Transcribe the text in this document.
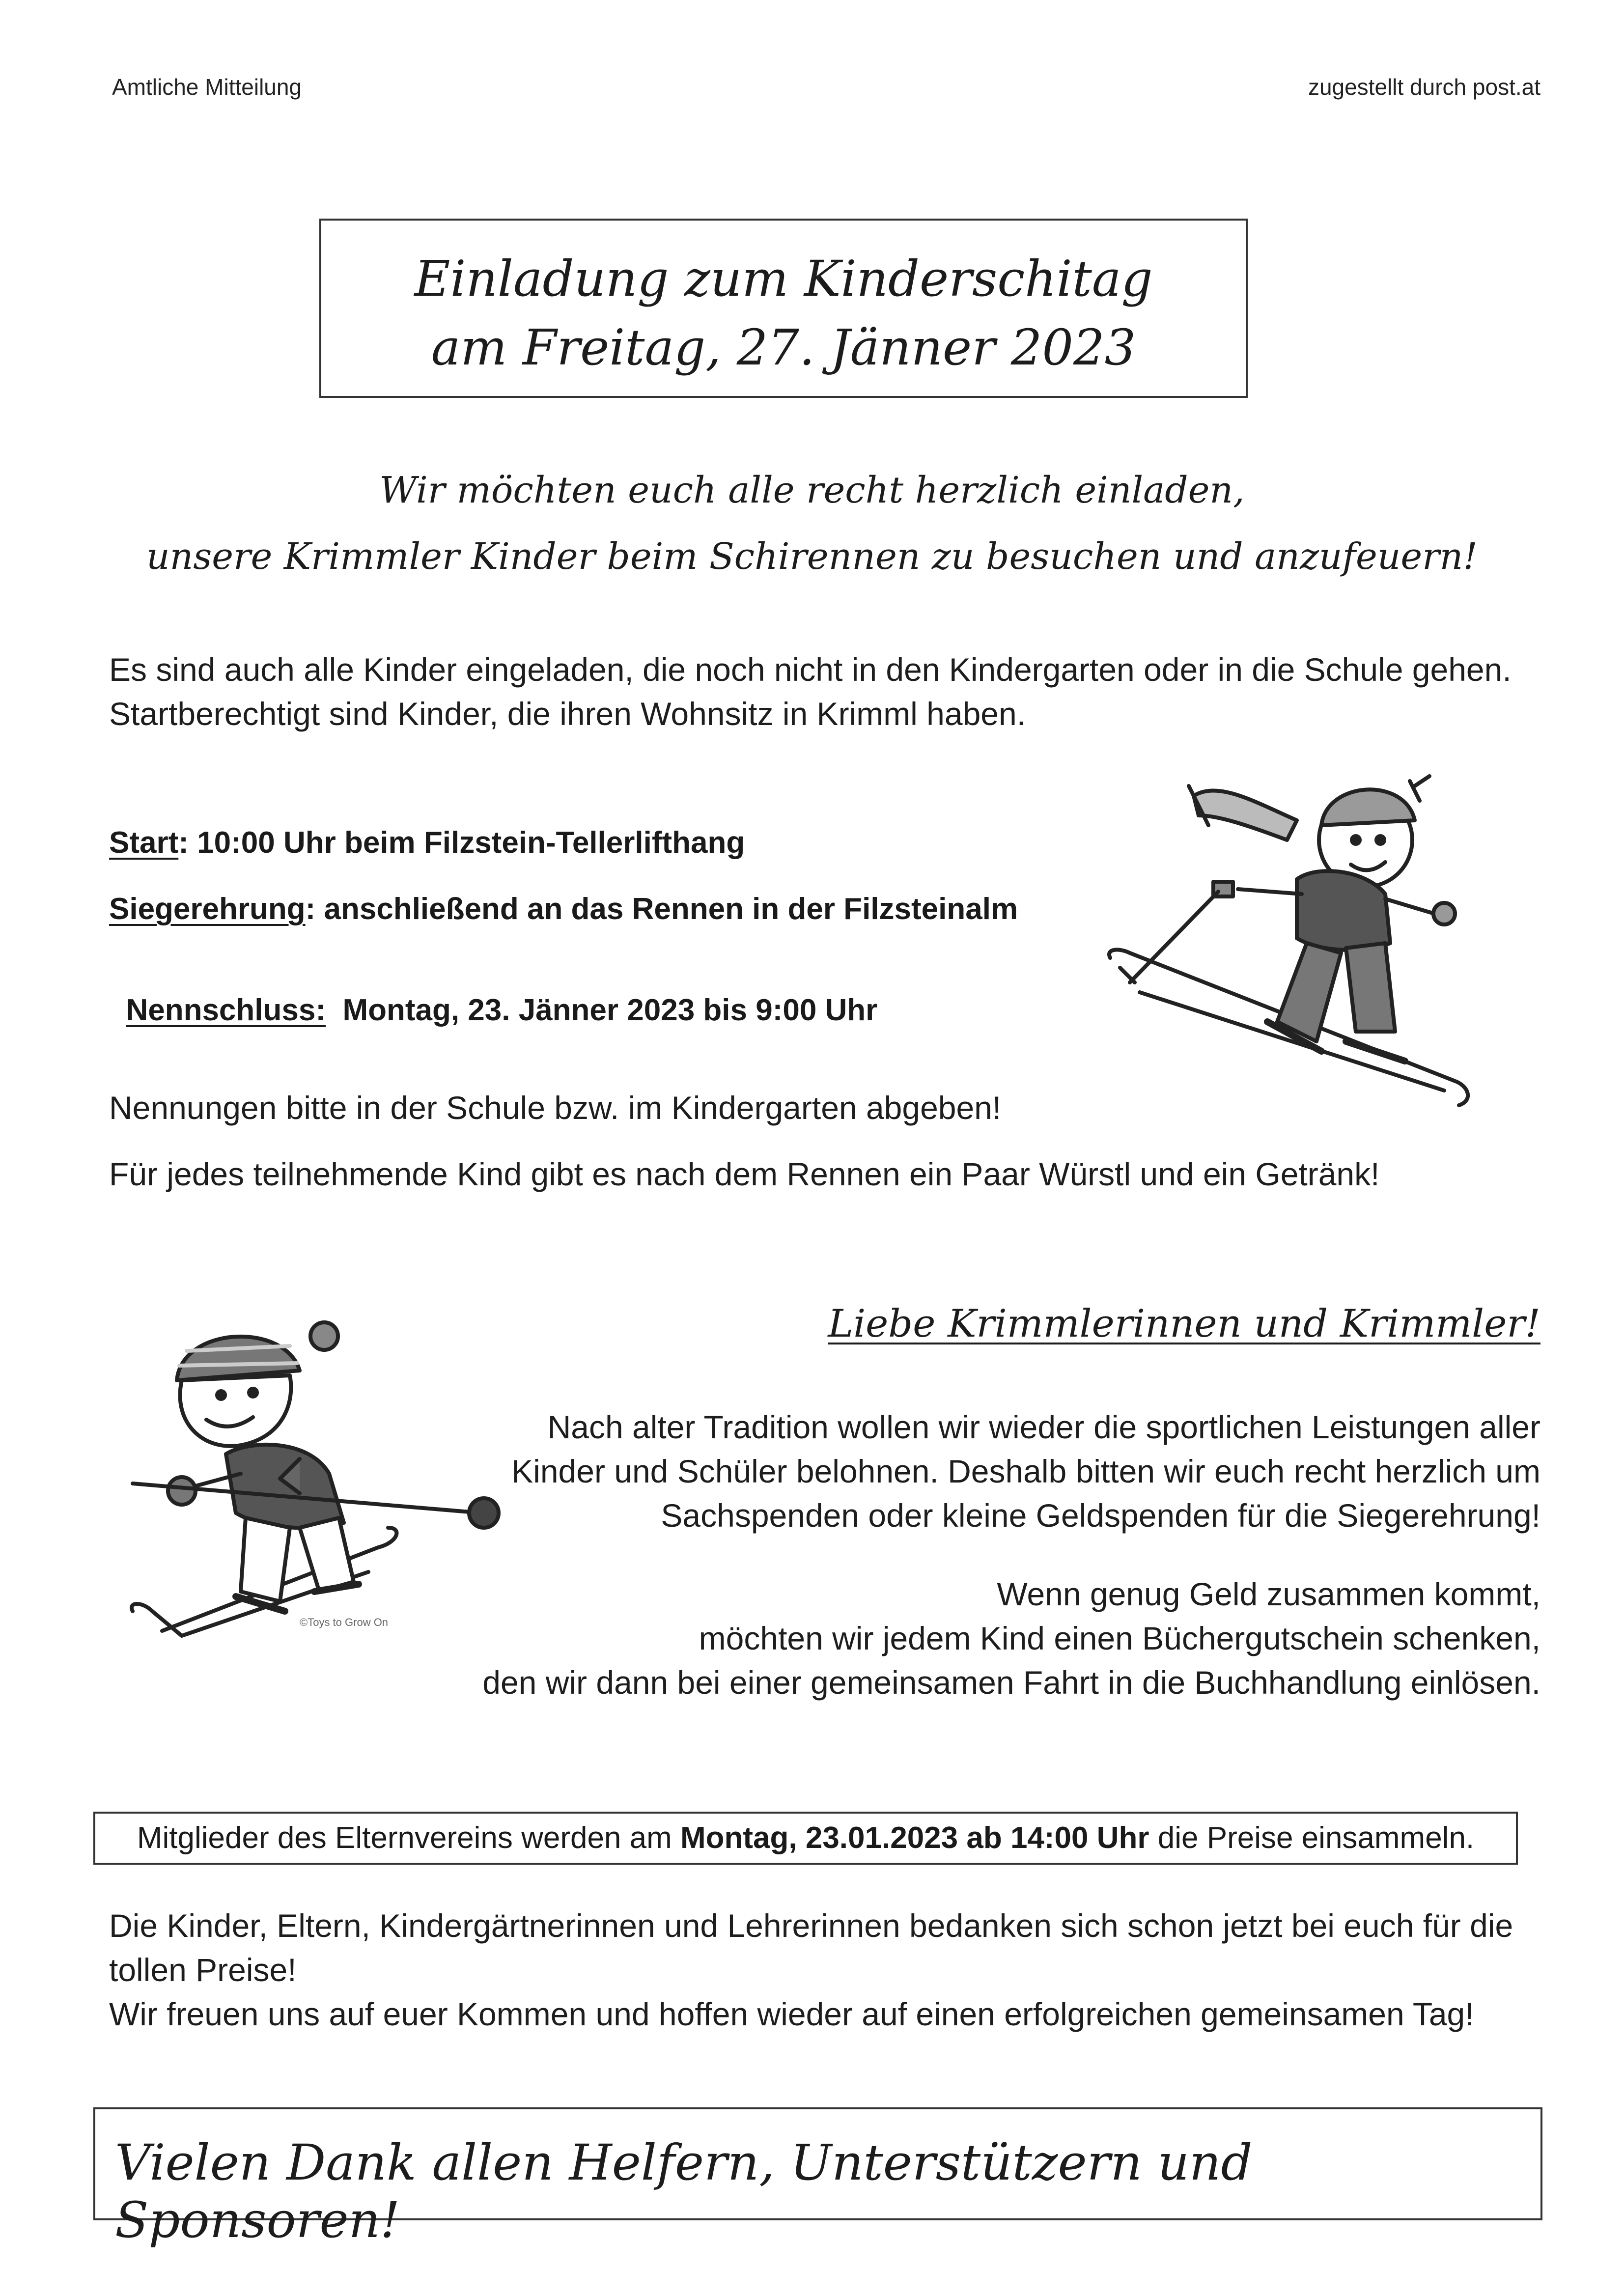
Amtliche Mitteilung	zugestellt durch post.at
Einladung zum Kinderschitag
am Freitag, 27. Jänner 2023
Wir möchten euch alle recht herzlich einladen,
unsere Krimmler Kinder beim Schirennen zu besuchen und anzufeuern!
Es sind auch alle Kinder eingeladen, die noch nicht in den Kindergarten oder in die Schule gehen.
Startberechtigt sind Kinder, die ihren Wohnsitz in Krimml haben.
Start: 10:00 Uhr beim Filzstein-Tellerlifthang
Siegerehrung: anschließend an das Rennen in der Filzsteinalm

Nennschluss:  Montag, 23. Jänner 2023 bis 9:00 Uhr

Nennungen bitte in der Schule bzw. im Kindergarten abgeben!
Für jedes teilnehmende Kind gibt es nach dem Rennen ein Paar Würstl und ein Getränk!
©Toys to Grow On
Liebe Krimmlerinnen und Krimmler!
Nach alter Tradition wollen wir wieder die sportlichen Leistungen aller
Kinder und Schüler belohnen. Deshalb bitten wir euch recht herzlich um
Sachspenden oder kleine Geldspenden für die Siegerehrung!
Wenn genug Geld zusammen kommt,
möchten wir jedem Kind einen Büchergutschein schenken,
den wir dann bei einer gemeinsamen Fahrt in die Buchhandlung einlösen.
Mitglieder des Elternvereins werden am Montag, 23.01.2023 ab 14:00 Uhr die Preise einsammeln.
Die Kinder, Eltern, Kindergärtnerinnen und Lehrerinnen bedanken sich schon jetzt bei euch für die
tollen Preise!
Wir freuen uns auf euer Kommen und hoffen wieder auf einen erfolgreichen gemeinsamen Tag!
Vielen Dank allen Helfern, Unterstützern und Sponsoren!
